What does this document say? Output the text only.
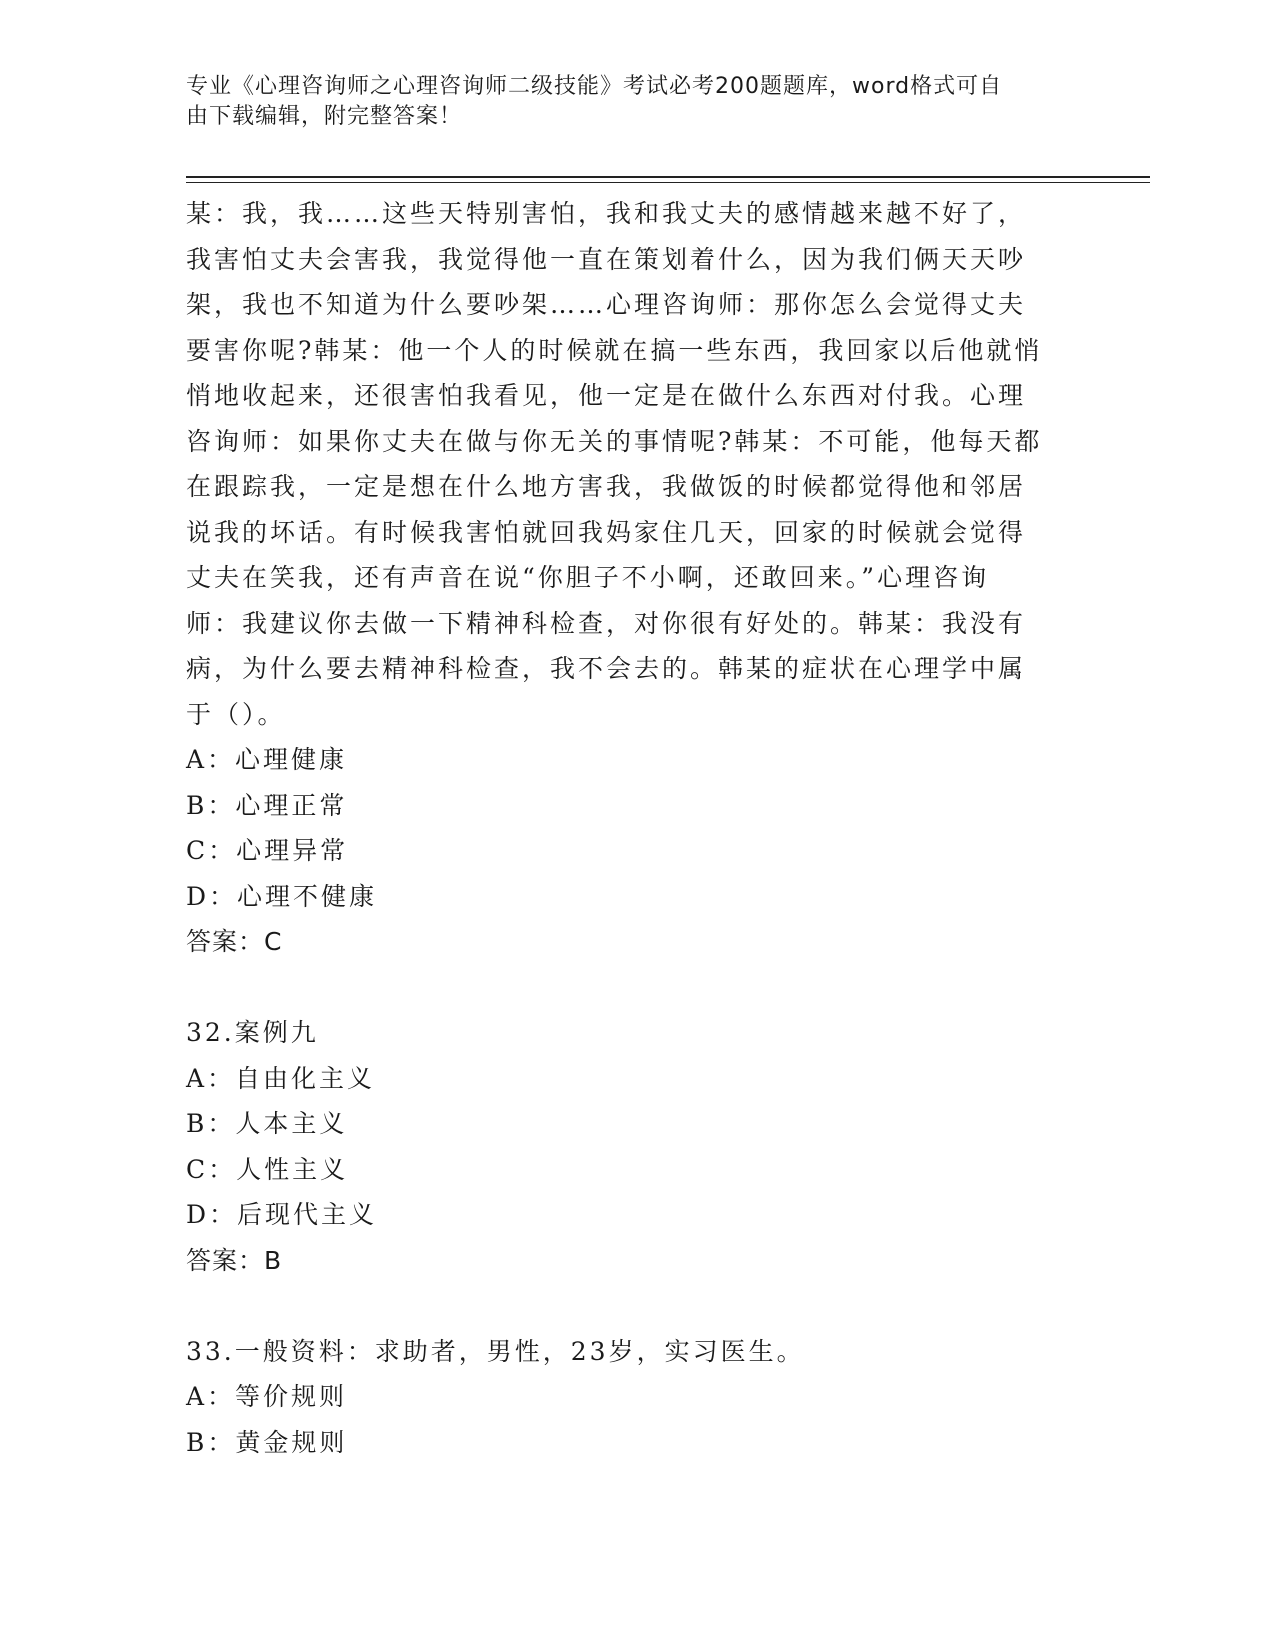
专业《心理咨询师之心理咨询师二级技能》考试必考200题题库，word格式可自
由下载编辑，附完整答案！
某：我，我……这些天特别害怕，我和我丈夫的感情越来越不好了，
我害怕丈夫会害我，我觉得他一直在策划着什么，因为我们俩天天吵
架，我也不知道为什么要吵架……心理咨询师：那你怎么会觉得丈夫
要害你呢?韩某：他一个人的时候就在搞一些东西，我回家以后他就悄
悄地收起来，还很害怕我看见，他一定是在做什么东西对付我。心理
咨询师：如果你丈夫在做与你无关的事情呢?韩某：不可能，他每天都
在跟踪我，一定是想在什么地方害我，我做饭的时候都觉得他和邻居
说我的坏话。有时候我害怕就回我妈家住几天，回家的时候就会觉得
丈夫在笑我，还有声音在说“你胆子不小啊，还敢回来。”心理咨询
师：我建议你去做一下精神科检查，对你很有好处的。韩某：我没有
病，为什么要去精神科检查，我不会去的。韩某的症状在心理学中属
于（）。
A：心理健康
B：心理正常
C：心理异常
D：心理不健康
答案：C
32.案例九
A：自由化主义
B：人本主义
C：人性主义
D：后现代主义
答案：B
33.一般资料：求助者，男性，23岁，实习医生。
A：等价规则
B：黄金规则
